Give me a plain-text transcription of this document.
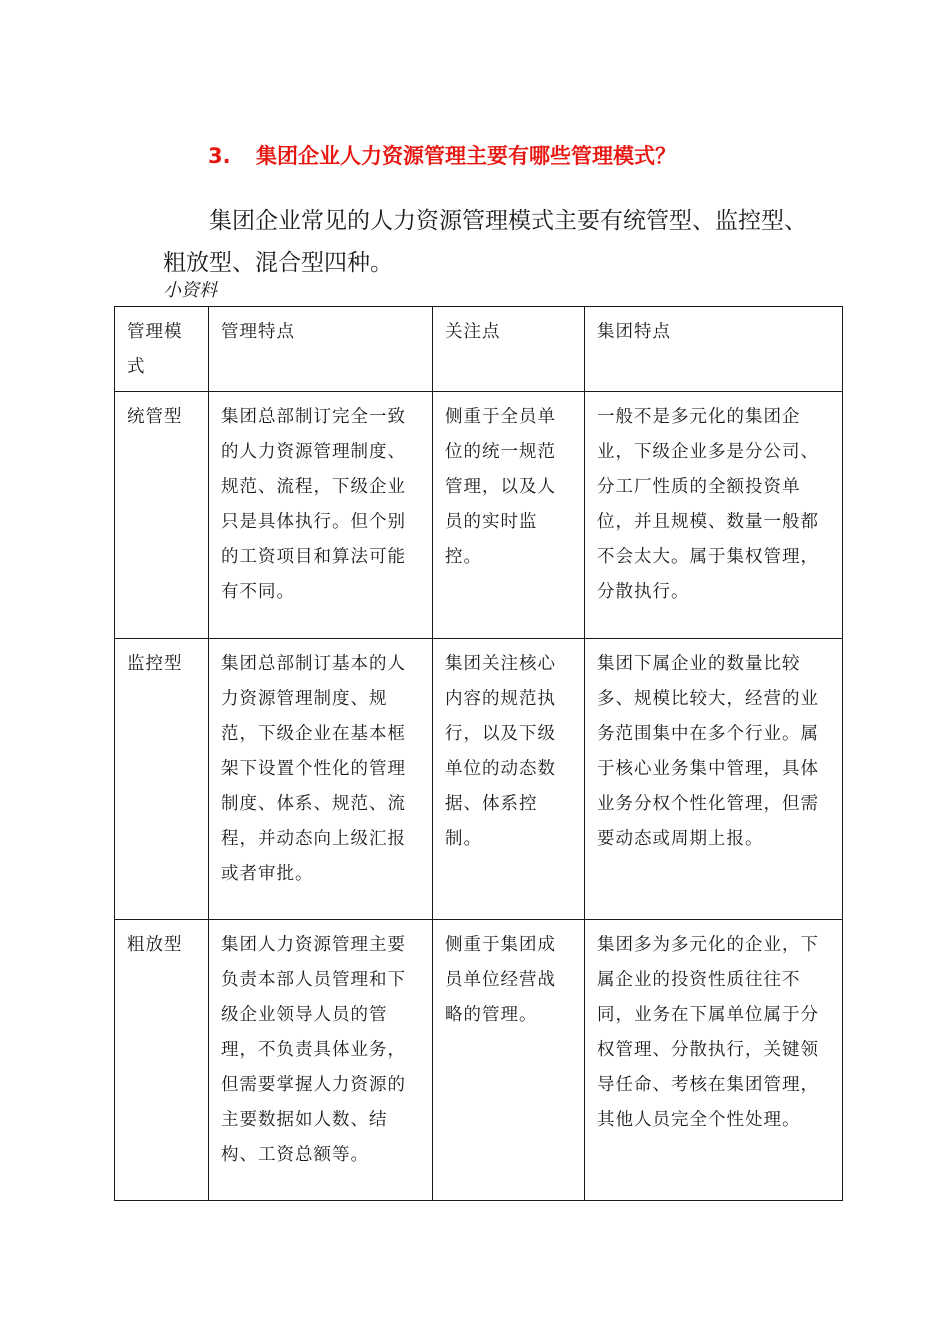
3. 集团企业人力资源管理主要有哪些管理模式？
集团企业常见的人力资源管理模式主要有统管型、监控型、粗放型、混合型四种。
小资料
管理模式	管理特点	关注点	集团特点
统管型	集团总部制订完全一致的人力资源管理制度、规范、流程，下级企业只是具体执行。但个别的工资项目和算法可能有不同。	侧重于全员单位的统一规范管理，以及人员的实时监控。	一般不是多元化的集团企业，下级企业多是分公司、分工厂性质的全额投资单位，并且规模、数量一般都不会太大。属于集权管理，分散执行。
监控型	集团总部制订基本的人力资源管理制度、规范，下级企业在基本框架下设置个性化的管理制度、体系、规范、流程，并动态向上级汇报或者审批。	集团关注核心内容的规范执行，以及下级单位的动态数据、体系控制。	集团下属企业的数量比较多、规模比较大，经营的业务范围集中在多个行业。属于核心业务集中管理，具体业务分权个性化管理，但需要动态或周期上报。
粗放型	集团人力资源管理主要负责本部人员管理和下级企业领导人员的管理，不负责具体业务，但需要掌握人力资源的主要数据如人数、结构、工资总额等。	侧重于集团成员单位经营战略的管理。	集团多为多元化的企业，下属企业的投资性质往往不同，业务在下属单位属于分权管理、分散执行，关键领导任命、考核在集团管理，其他人员完全个性处理。
